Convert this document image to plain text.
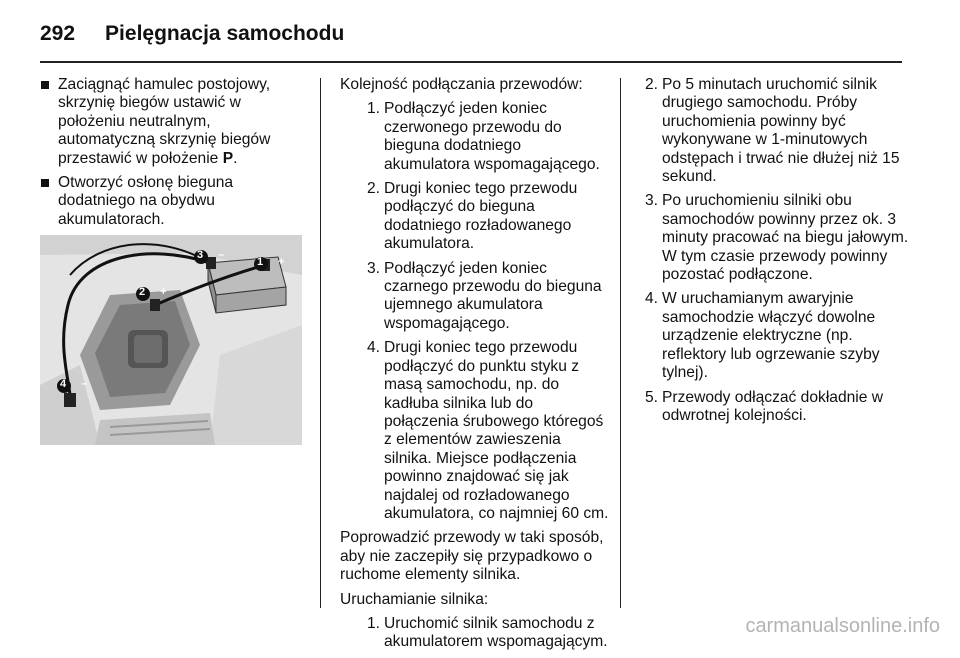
292 Pielęgnacja samochodu
Zaciągnąć hamulec postojowy, skrzynię biegów ustawić w położeniu neutralnym, automatyczną skrzynię biegów przestawić w położenie P.
Otworzyć osłonę bieguna dodatniego na obydwu akumulatorach.
3 –
1 +
2 +
4 –
Kolejność podłączania przewodów:
1. Podłączyć jeden koniec czerwonego przewodu do bieguna dodatniego akumulatora wspomagającego.
2. Drugi koniec tego przewodu podłączyć do bieguna dodatniego rozładowanego akumulatora.
3. Podłączyć jeden koniec czarnego przewodu do bieguna ujemnego akumulatora wspomagającego.
4. Drugi koniec tego przewodu podłączyć do punktu styku z masą samochodu, np. do kadłuba silnika lub do połączenia śrubowego któregoś z elementów zawieszenia silnika. Miejsce podłączenia powinno znajdować się jak najdalej od rozładowanego akumulatora, co najmniej 60 cm.
Poprowadzić przewody w taki sposób, aby nie zaczepiły się przypadkowo o ruchome elementy silnika.
Uruchamianie silnika:
1. Uruchomić silnik samochodu z akumulatorem wspomagającym.
2. Po 5 minutach uruchomić silnik drugiego samochodu. Próby uruchomienia powinny być wykonywane w 1-minutowych odstępach i trwać nie dłużej niż 15 sekund.
3. Po uruchomieniu silniki obu samochodów powinny przez ok. 3 minuty pracować na biegu jałowym. W tym czasie przewody powinny pozostać podłączone.
4. W uruchamianym awaryjnie samochodzie włączyć dowolne urządzenie elektryczne (np. reflektory lub ogrzewanie szyby tylnej).
5. Przewody odłączać dokładnie w odwrotnej kolejności.
carmanualsonline.info
